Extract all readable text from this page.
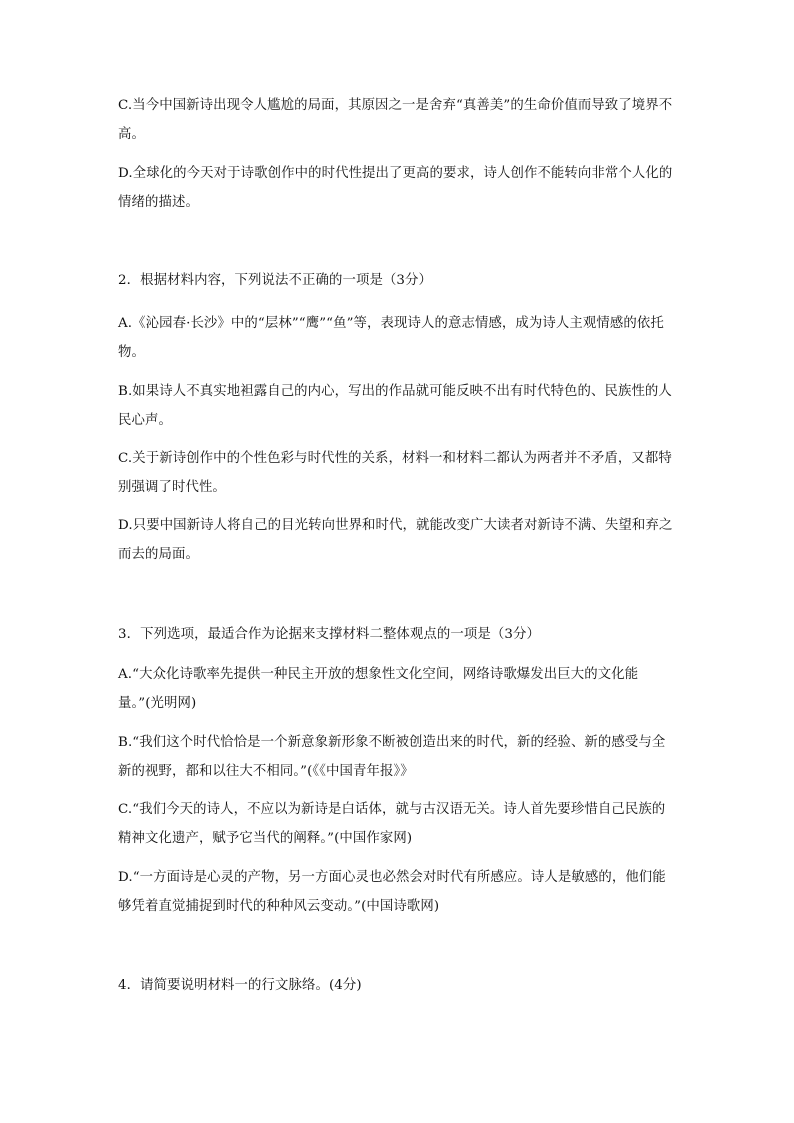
C.当今中国新诗出现令人尴尬的局面，其原因之一是舍弃“真善美”的生命价值而导致了境界不高。
D.全球化的今天对于诗歌创作中的时代性提出了更高的要求，诗人创作不能转向非常个人化的情绪的描述。
2．根据材料内容，下列说法不正确的一项是（3分）
A.《沁园春·长沙》中的“层林”“鹰”“鱼”等，表现诗人的意志情感，成为诗人主观情感的依托物。
B.如果诗人不真实地袒露自己的内心，写出的作品就可能反映不出有时代特色的、民族性的人民心声。
C.关于新诗创作中的个性色彩与时代性的关系，材料一和材料二都认为两者并不矛盾，又都特别强调了时代性。
D.只要中国新诗人将自己的目光转向世界和时代，就能改变广大读者对新诗不满、失望和弃之而去的局面。
3．下列选项，最适合作为论据来支撑材料二整体观点的一项是（3分）
A.“大众化诗歌率先提供一种民主开放的想象性文化空间，网络诗歌爆发出巨大的文化能量。”(光明网)
B.“我们这个时代恰恰是一个新意象新形象不断被创造出来的时代，新的经验、新的感受与全新的视野，都和以往大不相同。”(《《中国青年报》》
C.“我们今天的诗人，不应以为新诗是白话体，就与古汉语无关。诗人首先要珍惜自己民族的精神文化遗产，赋予它当代的阐释。”(中国作家网)
D.“一方面诗是心灵的产物，另一方面心灵也必然会对时代有所感应。诗人是敏感的，他们能够凭着直觉捕捉到时代的种种风云变动。”(中国诗歌网)
4．请简要说明材料一的行文脉络。(4分)
